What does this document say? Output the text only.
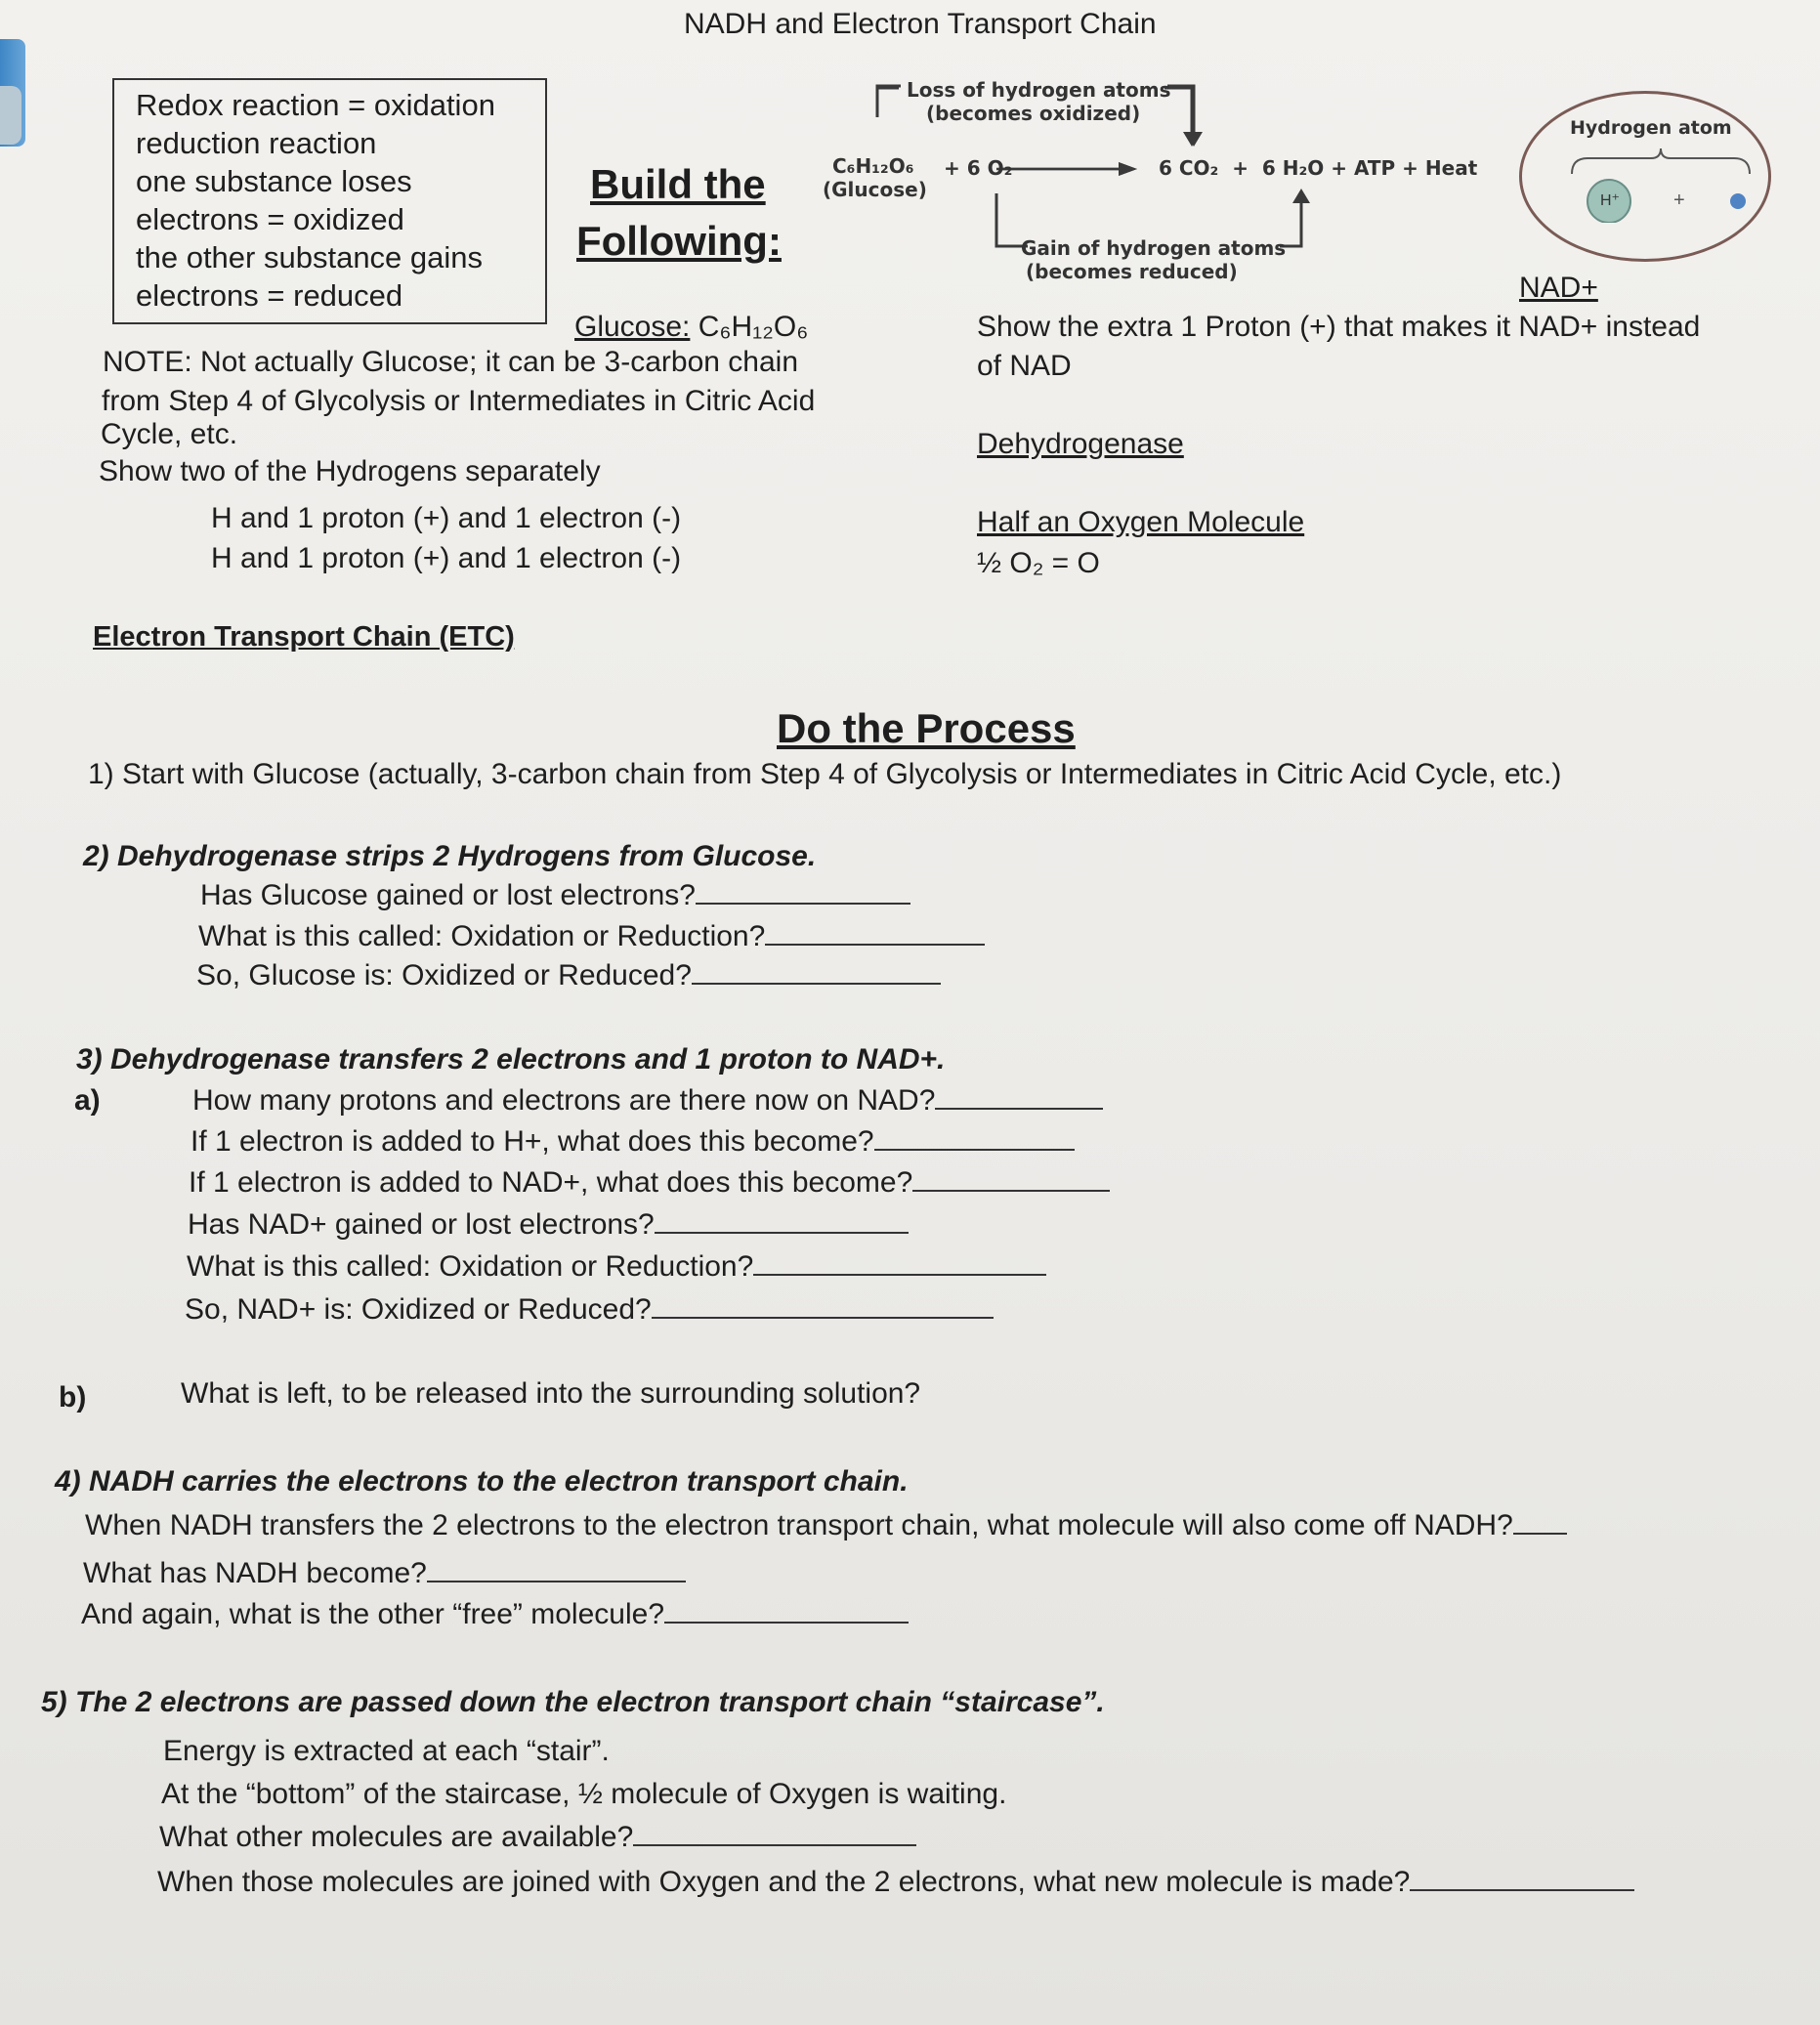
NADH and Electron Transport Chain
Redox reaction = oxidation
reduction reaction
one substance loses
electrons = oxidized
the other substance gains
electrons = reduced
Build the
Following:
Loss of hydrogen atoms
(becomes oxidized)
C₆H₁₂O₆
(Glucose)
+ 6 O₂	6 CO₂  +  6 H₂O + ATP + Heat
Gain of hydrogen atoms
(becomes reduced)
Hydrogen atom
H⁺	+
NAD+
Glucose: C₆H₁₂O₆
NOTE: Not actually Glucose; it can be 3-carbon chain
from Step 4 of Glycolysis or Intermediates in Citric Acid
Cycle, etc.
Show two of the Hydrogens separately
H and 1 proton (+) and 1 electron (-)
H and 1 proton (+) and 1 electron (-)
Show the extra 1 Proton (+) that makes it NAD+ instead
of NAD
Dehydrogenase
Half an Oxygen Molecule
½ O₂ = O
Electron Transport Chain (ETC)
Do the Process
1) Start with Glucose (actually, 3-carbon chain from Step 4 of Glycolysis or Intermediates in Citric Acid Cycle, etc.)
2) Dehydrogenase strips 2 Hydrogens from Glucose.
Has Glucose gained or lost electrons?
What is this called: Oxidation or Reduction?
So, Glucose is: Oxidized or Reduced?
3) Dehydrogenase transfers 2 electrons and 1 proton to NAD+.
a)	How many protons and electrons are there now on NAD?
If 1 electron is added to H+, what does this become?
If 1 electron is added to NAD+, what does this become?
Has NAD+ gained or lost electrons?
What is this called: Oxidation or Reduction?
So, NAD+ is: Oxidized or Reduced?
b)	What is left, to be released into the surrounding solution?
4) NADH carries the electrons to the electron transport chain.
When NADH transfers the 2 electrons to the electron transport chain, what molecule will also come off NADH?
What has NADH become?
And again, what is the other “free” molecule?
5) The 2 electrons are passed down the electron transport chain “staircase”.
Energy is extracted at each “stair”.
At the “bottom” of the staircase, ½ molecule of Oxygen is waiting.
What other molecules are available?
When those molecules are joined with Oxygen and the 2 electrons, what new molecule is made?
